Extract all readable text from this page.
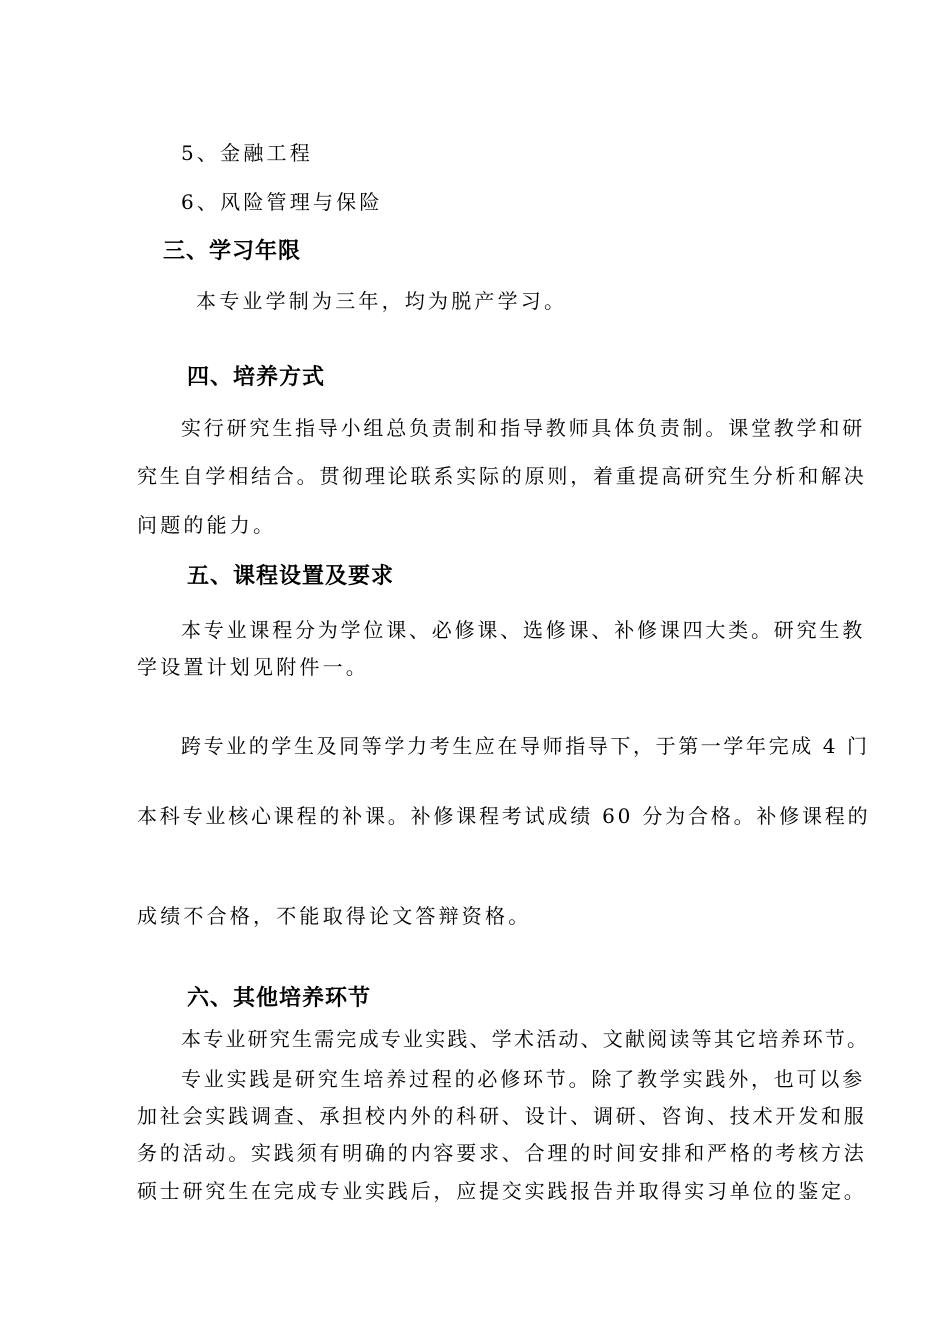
5、金融工程
6、风险管理与保险
三、学习年限
本专业学制为三年，均为脱产学习。
四、培养方式
实行研究生指导小组总负责制和指导教师具体负责制。课堂教学和研
究生自学相结合。贯彻理论联系实际的原则，着重提高研究生分析和解决
问题的能力。
五、课程设置及要求
本专业课程分为学位课、必修课、选修课、补修课四大类。研究生教
学设置计划见附件一。
跨专业的学生及同等学力考生应在导师指导下，于第一学年完成 4 门
本科专业核心课程的补课。补修课程考试成绩 60 分为合格。补修课程的
成绩不合格，不能取得论文答辩资格。
六、其他培养环节
本专业研究生需完成专业实践、学术活动、文献阅读等其它培养环节。
专业实践是研究生培养过程的必修环节。除了教学实践外，也可以参
加社会实践调查、承担校内外的科研、设计、调研、咨询、技术开发和服
务的活动。实践须有明确的内容要求、合理的时间安排和严格的考核方法
硕士研究生在完成专业实践后，应提交实践报告并取得实习单位的鉴定。
